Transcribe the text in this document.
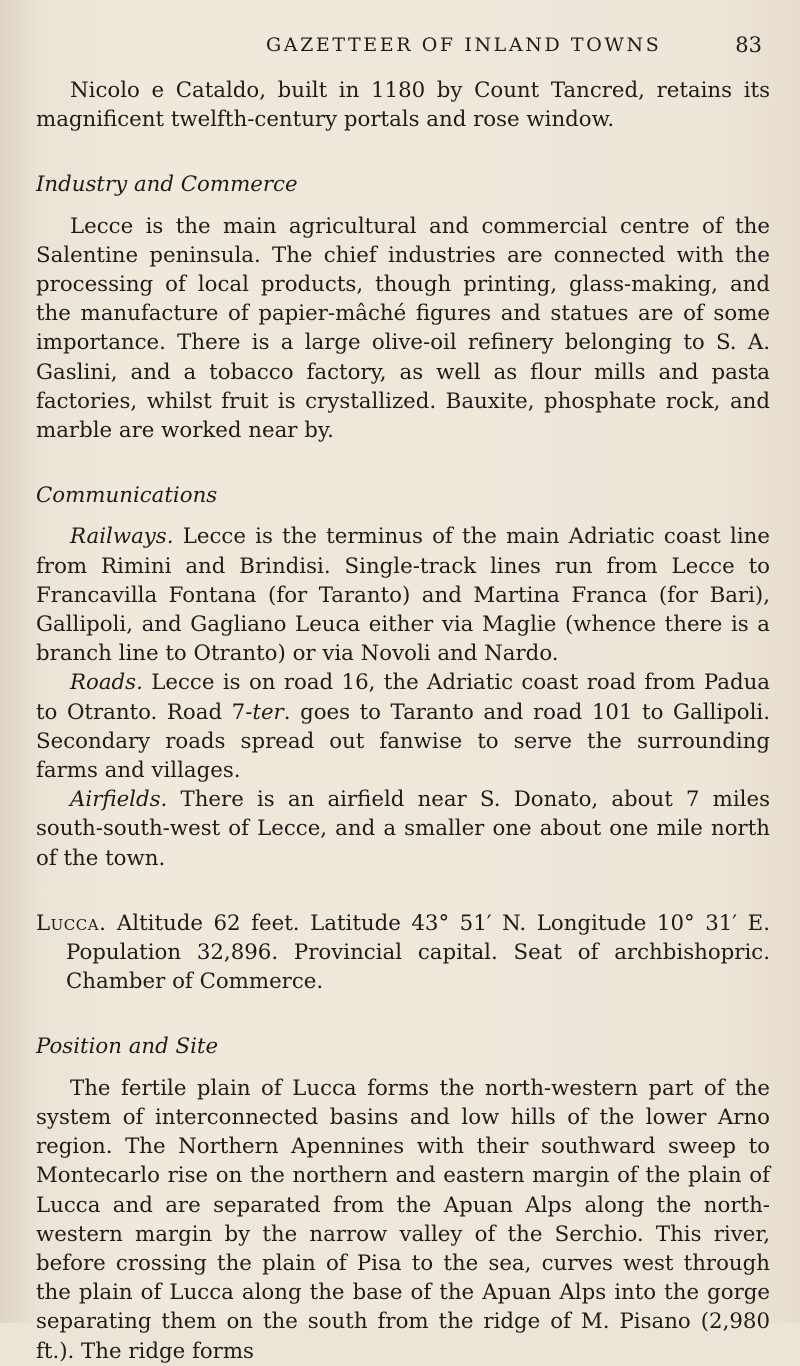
GAZETTEER OF INLAND TOWNS	83

Nicolo e Cataldo, built in 1180 by Count Tancred, retains its magnificent twelfth-century portals and rose window.

Industry and Commerce

Lecce is the main agricultural and commercial centre of the Salentine peninsula. The chief industries are connected with the processing of local products, though printing, glass-making, and the manufacture of papier-mâché figures and statues are of some importance. There is a large olive-oil refinery belonging to S. A. Gaslini, and a tobacco factory, as well as flour mills and pasta factories, whilst fruit is crystallized. Bauxite, phosphate rock, and marble are worked near by.

Communications

Railways. Lecce is the terminus of the main Adriatic coast line from Rimini and Brindisi. Single-track lines run from Lecce to Francavilla Fontana (for Taranto) and Martina Franca (for Bari), Gallipoli, and Gagliano Leuca either via Maglie (whence there is a branch line to Otranto) or via Novoli and Nardo.

Roads. Lecce is on road 16, the Adriatic coast road from Padua to Otranto. Road 7-ter. goes to Taranto and road 101 to Gallipoli. Secondary roads spread out fanwise to serve the surrounding farms and villages.

Airfields. There is an airfield near S. Donato, about 7 miles south-south-west of Lecce, and a smaller one about one mile north of the town.

Lucca. Altitude 62 feet. Latitude 43° 51′ N. Longitude 10° 31′ E. Population 32,896. Provincial capital. Seat of archbishopric. Chamber of Commerce.

Position and Site

The fertile plain of Lucca forms the north-western part of the system of interconnected basins and low hills of the lower Arno region. The Northern Apennines with their southward sweep to Montecarlo rise on the northern and eastern margin of the plain of Lucca and are separated from the Apuan Alps along the north-western margin by the narrow valley of the Serchio. This river, before crossing the plain of Pisa to the sea, curves west through the plain of Lucca along the base of the Apuan Alps into the gorge separating them on the south from the ridge of M. Pisano (2,980 ft.). The ridge forms
